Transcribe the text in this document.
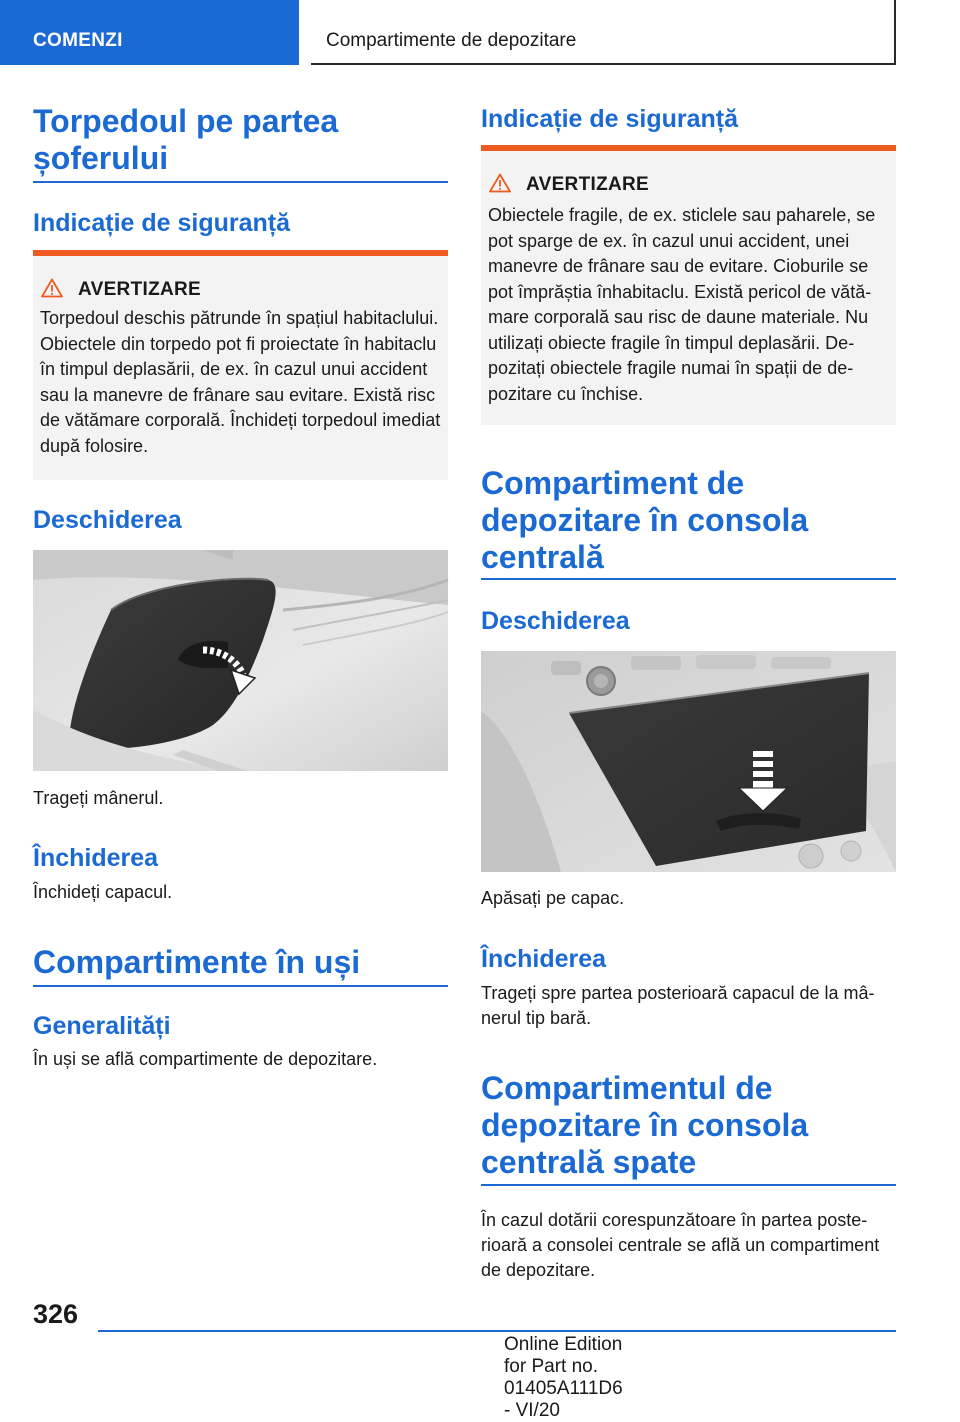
COMENZI	Compartimente de depozitare
Torpedoul pe partea șoferului
Indicație de siguranță
AVERTIZARE
Torpedoul deschis pătrunde în spațiul habitaclului. Obiectele din torpedo pot fi proiectate în habitaclu în timpul deplasării, de ex. în cazul unui accident sau la manevre de frânare sau evitare. Există risc de vătămare corporală. Închideți torpedoul imediat după folosire.
Deschiderea
Trageți mânerul.
Închiderea
Închideți capacul.
Compartimente în uși
Generalități
În uși se află compartimente de depozitare.
Indicație de siguranță
AVERTIZARE
Obiectele fragile, de ex. sticlele sau paharele, se pot sparge de ex. în cazul unui accident, unei manevre de frânare sau de evitare. Cioburile se pot împrăștia înhabitaclu. Există pericol de vătămare corporală sau risc de daune materiale. Nu utilizați obiecte fragile în timpul deplasării. Depozitați obiectele fragile numai în spații de depozitare cu închise.
Compartiment de depozitare în consola centrală
Deschiderea
Apăsați pe capac.
Închiderea
Trageți spre partea posterioară capacul de la mânerul tip bară.
Compartimentul de depozitare în consola centrală spate
În cazul dotării corespunzătoare în partea posterioară a consolei centrale se află un compartiment de depozitare.
326
Online Edition for Part no. 01405A111D6 - VI/20
